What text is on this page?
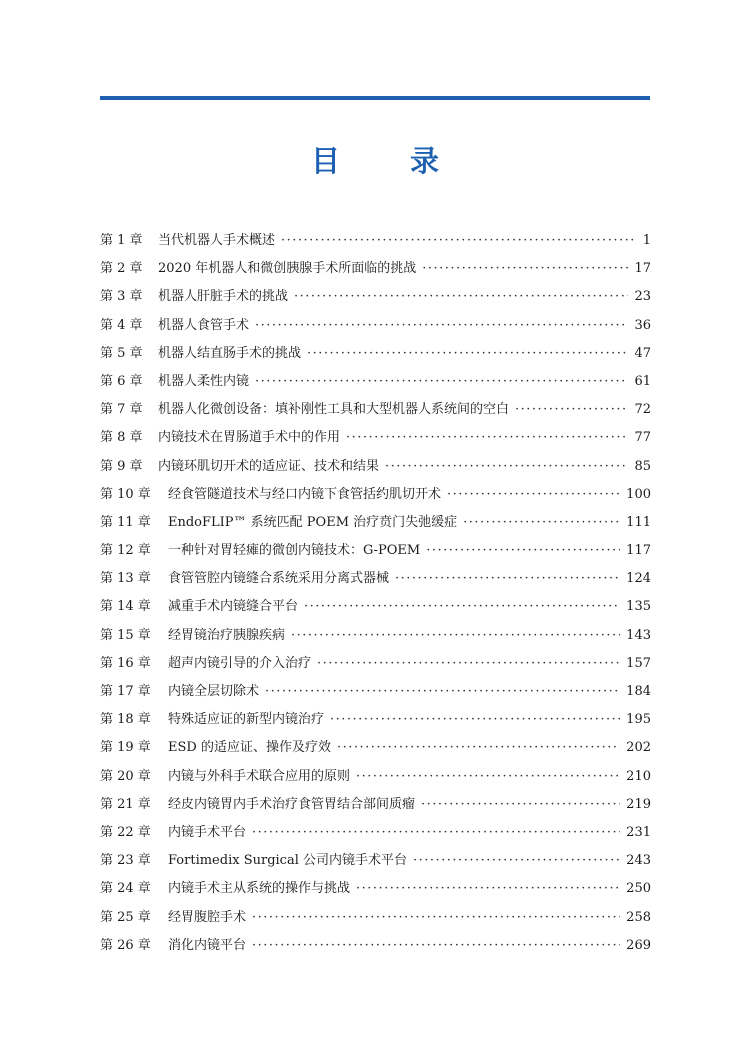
目 录
第 1 章	当代机器人手术概述 ·····	1
第 2 章	2020 年机器人和微创胰腺手术所面临的挑战 ·····	17
第 3 章	机器人肝脏手术的挑战 ·····	23
第 4 章	机器人食管手术 ·····	36
第 5 章	机器人结直肠手术的挑战 ·····	47
第 6 章	机器人柔性内镜 ·····	61
第 7 章	机器人化微创设备：填补刚性工具和大型机器人系统间的空白 ·····	72
第 8 章	内镜技术在胃肠道手术中的作用 ·····	77
第 9 章	内镜环肌切开术的适应证、技术和结果 ·····	85
第 10 章	经食管隧道技术与经口内镜下食管括约肌切开术 ·····	100
第 11 章	EndoFLIP™ 系统匹配 POEM 治疗贲门失弛缓症 ·····	111
第 12 章	一种针对胃轻瘫的微创内镜技术：G-POEM ·····	117
第 13 章	食管管腔内镜缝合系统采用分离式器械 ·····	124
第 14 章	减重手术内镜缝合平台 ·····	135
第 15 章	经胃镜治疗胰腺疾病 ·····	143
第 16 章	超声内镜引导的介入治疗 ·····	157
第 17 章	内镜全层切除术 ·····	184
第 18 章	特殊适应证的新型内镜治疗 ·····	195
第 19 章	ESD 的适应证、操作及疗效 ·····	202
第 20 章	内镜与外科手术联合应用的原则 ·····	210
第 21 章	经皮内镜胃内手术治疗食管胃结合部间质瘤 ·····	219
第 22 章	内镜手术平台 ·····	231
第 23 章	Fortimedix Surgical 公司内镜手术平台 ·····	243
第 24 章	内镜手术主从系统的操作与挑战 ·····	250
第 25 章	经胃腹腔手术 ·····	258
第 26 章	消化内镜平台 ·····	269
